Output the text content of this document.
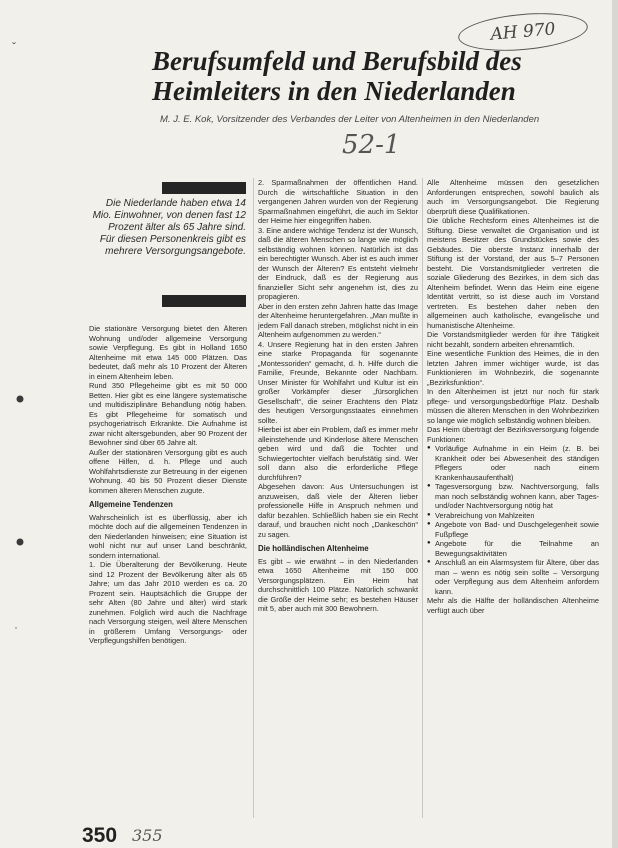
ˇ
·
AH 970
52-1
Berufsumfeld und Berufsbild des Heimleiters in den Niederlanden

M. J. E. Kok, Vorsitzender des Verbandes der Leiter von Altenheimen in den Niederlanden

Die Niederlande haben etwa 14 Mio. Einwohner, von denen fast 12 Prozent älter als 65 Jahre sind. Für diesen Personenkreis gibt es mehrere Versorgungsangebote.

Die stationäre Versorgung bietet den Älteren Wohnung und/oder allgemeine Versorgung sowie Verpflegung. Es gibt in Holland 1650 Altenheime mit etwa 145 000 Plätzen. Das bedeutet, daß mehr als 10 Prozent der Älteren in einem Altenheim leben.

Rund 350 Pflegeheime gibt es mit 50 000 Betten. Hier gibt es eine längere systematische und multidisziplinäre Behandlung nötig haben. Es gibt Pflegeheime für somatisch und psychogeriatrisch Erkrankte. Die Aufnahme ist zwar nicht altersgebunden, aber 90 Prozent der Bewohner sind über 65 Jahre alt.

Außer der stationären Versorgung gibt es auch offene Hilfen, d. h. Pflege und auch Wohlfahrtsdienste zur Betreuung in der eigenen Wohnung. 40 bis 50 Prozent dieser Dienste kommen älteren Menschen zugute.

Allgemeine Tendenzen

Wahrscheinlich ist es überflüssig, aber ich möchte doch auf die allgemeinen Tendenzen in den Niederlanden hinweisen; eine Situation ist wohl nicht nur auf unser Land beschränkt, sondern international.

1. Die Überalterung der Bevölkerung. Heute sind 12 Prozent der Bevölkerung älter als 65 Jahre; um das Jahr 2010 werden es ca. 20 Prozent sein. Hauptsächlich die Gruppe der sehr Alten (80 Jahre und älter) wird stark zunehmen. Folglich wird auch die Nachfrage nach Versorgung steigen, weil ältere Menschen in größerem Umfang Versorgungs- oder Verpflegungshilfen benötigen.

2. Sparmaßnahmen der öffentlichen Hand. Durch die wirtschaftliche Situation in den vergangenen Jahren wurden von der Regierung Sparmaßnahmen eingeführt, die auch im Sektor der Heime hier eingegriffen haben.

3. Eine andere wichtige Tendenz ist der Wunsch, daß die älteren Menschen so lange wie möglich selbständig wohnen können. Natürlich ist das ein berechtigter Wunsch. Aber ist es auch immer der Wunsch der Älteren? Es entsteht vielmehr der Eindruck, daß es der Regierung aus finanzieller Sicht sehr angenehm ist, dies zu propagieren.

Aber in den ersten zehn Jahren hatte das Image der Altenheime heruntergefahren. „Man mußte in jedem Fall danach streben, möglichst nicht in ein Altenheim aufgenommen zu werden.“

4. Unsere Regierung hat in den ersten Jahren eine starke Propaganda für sogenannte „Montessoriden“ gemacht, d. h. Hilfe durch die Familie, Freunde, Bekannte oder Nachbarn. Unser Minister für Wohlfahrt und Kultur ist ein großer Vorkämpfer dieser „fürsorglichen Gesellschaft“, die seiner Erachtens den Platz des heutigen Versorgungsstaates einnehmen sollte.

Hierbei ist aber ein Problem, daß es immer mehr alleinstehende und Kinderlose ältere Menschen geben wird und daß die Tochter und Schwiegertochter vielfach berufstätig sind. Wer soll dann also die erforderliche Pflege durchführen?

Abgesehen davon: Aus Untersuchungen ist anzuweisen, daß viele der Älteren lieber professionelle Hilfe in Anspruch nehmen und dafür bezahlen. Schließlich haben sie ein Recht darauf, und brauchen nicht noch „Dankeschön“ zu sagen.

Die holländischen Altenheime

Es gibt – wie erwähnt – in den Niederlanden etwa 1650 Altenheime mit 150 000 Versorgungsplätzen. Ein Heim hat durchschnittlich 100 Plätze. Natürlich schwankt die Größe der Heime sehr; es bestehen Häuser mit 5, aber auch mit 300 Bewohnern.

Alle Altenheime müssen den gesetzlichen Anforderungen entsprechen, sowohl baulich als auch im Versorgungsangebot. Die Regierung überprüft diese Qualifikationen.

Die übliche Rechtsform eines Altenheimes ist die Stiftung. Diese verwaltet die Organisation und ist meistens Besitzer des Grundstückes sowie des Gebäudes. Die oberste Instanz innerhalb der Stiftung ist der Vorstand, der aus 5–7 Personen besteht. Die Vorstandsmitglieder vertreten die soziale Gliederung des Bezirkes, in dem sich das Altenheim befindet. Wenn das Heim eine eigene Identität vertritt, so ist diese auch im Vorstand vertreten. Es bestehen daher neben den allgemeinen auch katholische, evangelische und humanistische Altenheime.

Die Vorstandsmitglieder werden für ihre Tätigkeit nicht bezahlt, sondern arbeiten ehrenamtlich.

Eine wesentliche Funktion des Heimes, die in den letzten Jahren immer wichtiger wurde, ist das Funktionieren im Wohnbezirk, die sogenannte „Bezirksfunktion“.

In den Altenheimen ist jetzt nur noch für stark pflege- und versorgungsbedürftige Platz. Deshalb müssen die älteren Menschen in den Wohnbezirken so lange wie möglich selbständig wohnen bleiben.

Das Heim überträgt der Bezirksversorgung folgende Funktionen:

● Vorläufige Aufnahme in ein Heim (z. B. bei Krankheit oder bei Abwesenheit des ständigen Pflegers oder nach einem Krankenhausaufenthalt)
● Tagesversorgung bzw. Nachtversorgung, falls man noch selbständig wohnen kann, aber Tages- und/oder Nachtversorgung nötig hat
● Verabreichung von Mahlzeiten
● Angebote von Bad- und Duschgelegenheit sowie Fußpflege
● Angebote für die Teilnahme an Bewegungsaktivitäten
● Anschluß an ein Alarmsystem für Ältere, über das man – wenn es nötig sein sollte – Versorgung oder Verpflegung aus dem Altenheim anfordern kann.

Mehr als die Hälfte der holländischen Altenheime verfügt auch über

350 355
